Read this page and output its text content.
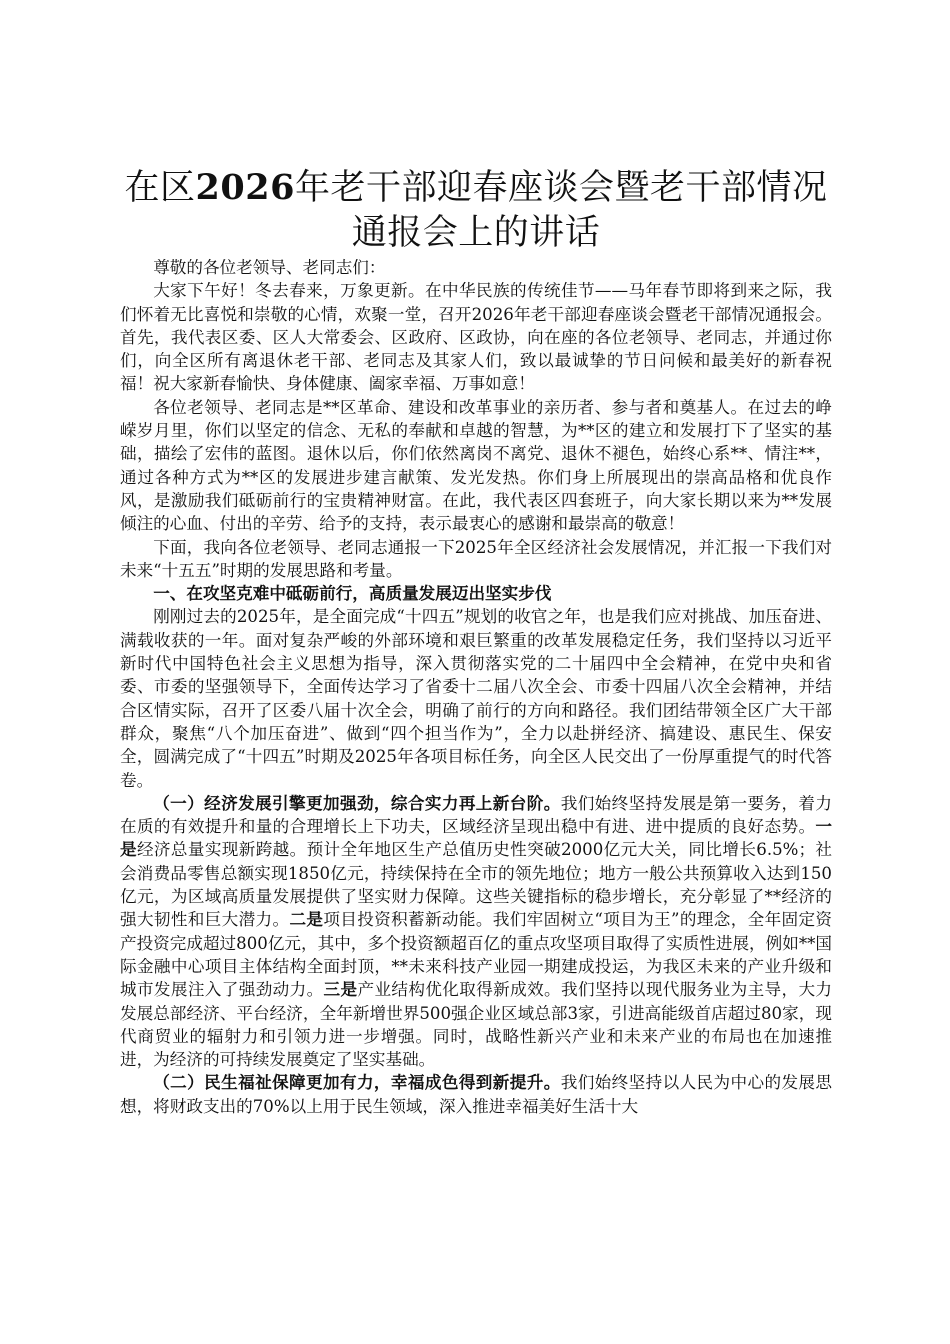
在区2026年老干部迎春座谈会暨老干部情况
通报会上的讲话

尊敬的各位老领导、老同志们：

大家下午好！冬去春来，万象更新。在中华民族的传统佳节——马年春节即将到来之际，我们怀着无比喜悦和崇敬的心情，欢聚一堂，召开2026年老干部迎春座谈会暨老干部情况通报会。首先，我代表区委、区人大常委会、区政府、区政协，向在座的各位老领导、老同志，并通过你们，向全区所有离退休老干部、老同志及其家人们，致以最诚挚的节日问候和最美好的新春祝福！祝大家新春愉快、身体健康、阖家幸福、万事如意！

各位老领导、老同志是**区革命、建设和改革事业的亲历者、参与者和奠基人。在过去的峥嵘岁月里，你们以坚定的信念、无私的奉献和卓越的智慧，为**区的建立和发展打下了坚实的基础，描绘了宏伟的蓝图。退休以后，你们依然离岗不离党、退休不褪色，始终心系**、情注**，通过各种方式为**区的发展进步建言献策、发光发热。你们身上所展现出的崇高品格和优良作风，是激励我们砥砺前行的宝贵精神财富。在此，我代表区四套班子，向大家长期以来为**发展倾注的心血、付出的辛劳、给予的支持，表示最衷心的感谢和最崇高的敬意！

下面，我向各位老领导、老同志通报一下2025年全区经济社会发展情况，并汇报一下我们对未来“十五五”时期的发展思路和考量。

一、在攻坚克难中砥砺前行，高质量发展迈出坚实步伐

刚刚过去的2025年，是全面完成“十四五”规划的收官之年，也是我们应对挑战、加压奋进、满载收获的一年。面对复杂严峻的外部环境和艰巨繁重的改革发展稳定任务，我们坚持以习近平新时代中国特色社会主义思想为指导，深入贯彻落实党的二十届四中全会精神，在党中央和省委、市委的坚强领导下，全面传达学习了省委十二届八次全会、市委十四届八次全会精神，并结合区情实际，召开了区委八届十次全会，明确了前行的方向和路径。我们团结带领全区广大干部群众，聚焦“八个加压奋进”、做到“四个担当作为”，全力以赴拼经济、搞建设、惠民生、保安全，圆满完成了“十四五”时期及2025年各项目标任务，向全区人民交出了一份厚重提气的时代答卷。

（一）经济发展引擎更加强劲，综合实力再上新台阶。我们始终坚持发展是第一要务，着力在质的有效提升和量的合理增长上下功夫，区域经济呈现出稳中有进、进中提质的良好态势。一是经济总量实现新跨越。预计全年地区生产总值历史性突破2000亿元大关，同比增长6.5%；社会消费品零售总额实现1850亿元，持续保持在全市的领先地位；地方一般公共预算收入达到150亿元，为区域高质量发展提供了坚实财力保障。这些关键指标的稳步增长，充分彰显了**经济的强大韧性和巨大潜力。二是项目投资积蓄新动能。我们牢固树立“项目为王”的理念，全年固定资产投资完成超过800亿元，其中，多个投资额超百亿的重点攻坚项目取得了实质性进展，例如**国际金融中心项目主体结构全面封顶，**未来科技产业园一期建成投运，为我区未来的产业升级和城市发展注入了强劲动力。三是产业结构优化取得新成效。我们坚持以现代服务业为主导，大力发展总部经济、平台经济，全年新增世界500强企业区域总部3家，引进高能级首店超过80家，现代商贸业的辐射力和引领力进一步增强。同时，战略性新兴产业和未来产业的布局也在加速推进，为经济的可持续发展奠定了坚实基础。

（二）民生福祉保障更加有力，幸福成色得到新提升。我们始终坚持以人民为中心的发展思想，将财政支出的70%以上用于民生领域，深入推进幸福美好生活十大
